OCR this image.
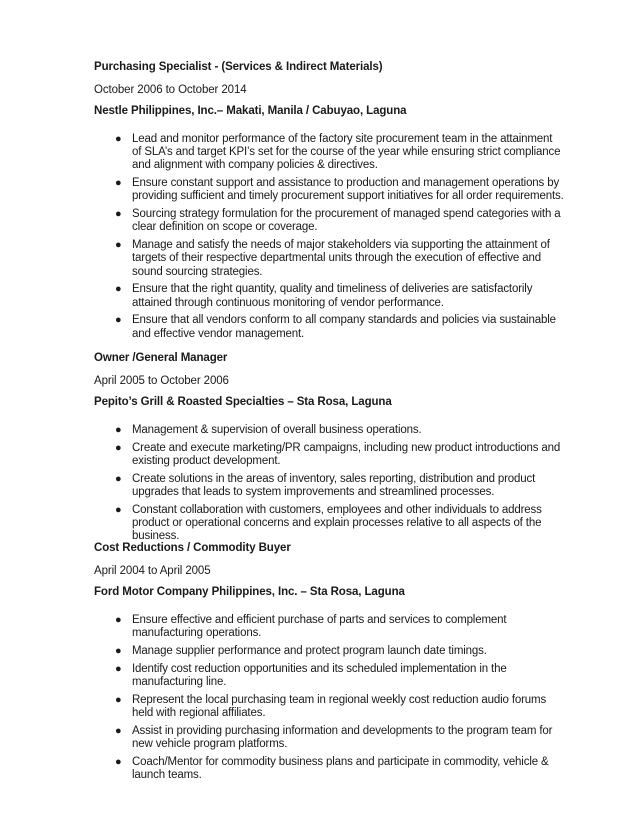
Purchasing Specialist - (Services & Indirect Materials)

October 2006 to October 2014

Nestle Philippines, Inc.– Makati, Manila / Cabuyao, Laguna

● Lead and monitor performance of the factory site procurement team in the attainment of SLA’s and target KPI’s set for the course of the year while ensuring strict compliance and alignment with company policies & directives.
● Ensure constant support and assistance to production and management operations by providing sufficient and timely procurement support initiatives for all order requirements.
● Sourcing strategy formulation for the procurement of managed spend categories with a clear definition on scope or coverage.
● Manage and satisfy the needs of major stakeholders via supporting the attainment of targets of their respective departmental units through the execution of effective and sound sourcing strategies.
● Ensure that the right quantity, quality and timeliness of deliveries are satisfactorily attained through continuous monitoring of vendor performance.
● Ensure that all vendors conform to all company standards and policies via sustainable and effective vendor management.

Owner /General Manager

April 2005 to October 2006

Pepito’s Grill & Roasted Specialties – Sta Rosa, Laguna

● Management & supervision of overall business operations.
● Create and execute marketing/PR campaigns, including new product introductions and existing product development.
● Create solutions in the areas of inventory, sales reporting, distribution and product upgrades that leads to system improvements and streamlined processes.
● Constant collaboration with customers, employees and other individuals to address product or operational concerns and explain processes relative to all aspects of the business.

Cost Reductions / Commodity Buyer

April 2004 to April 2005

Ford Motor Company Philippines, Inc. – Sta Rosa, Laguna

● Ensure effective and efficient purchase of parts and services to complement manufacturing operations.
● Manage supplier performance and protect program launch date timings.
● Identify cost reduction opportunities and its scheduled implementation in the manufacturing line.
● Represent the local purchasing team in regional weekly cost reduction audio forums held with regional affiliates.
● Assist in providing purchasing information and developments to the program team for new vehicle program platforms.
● Coach/Mentor for commodity business plans and participate in commodity, vehicle & launch teams.
